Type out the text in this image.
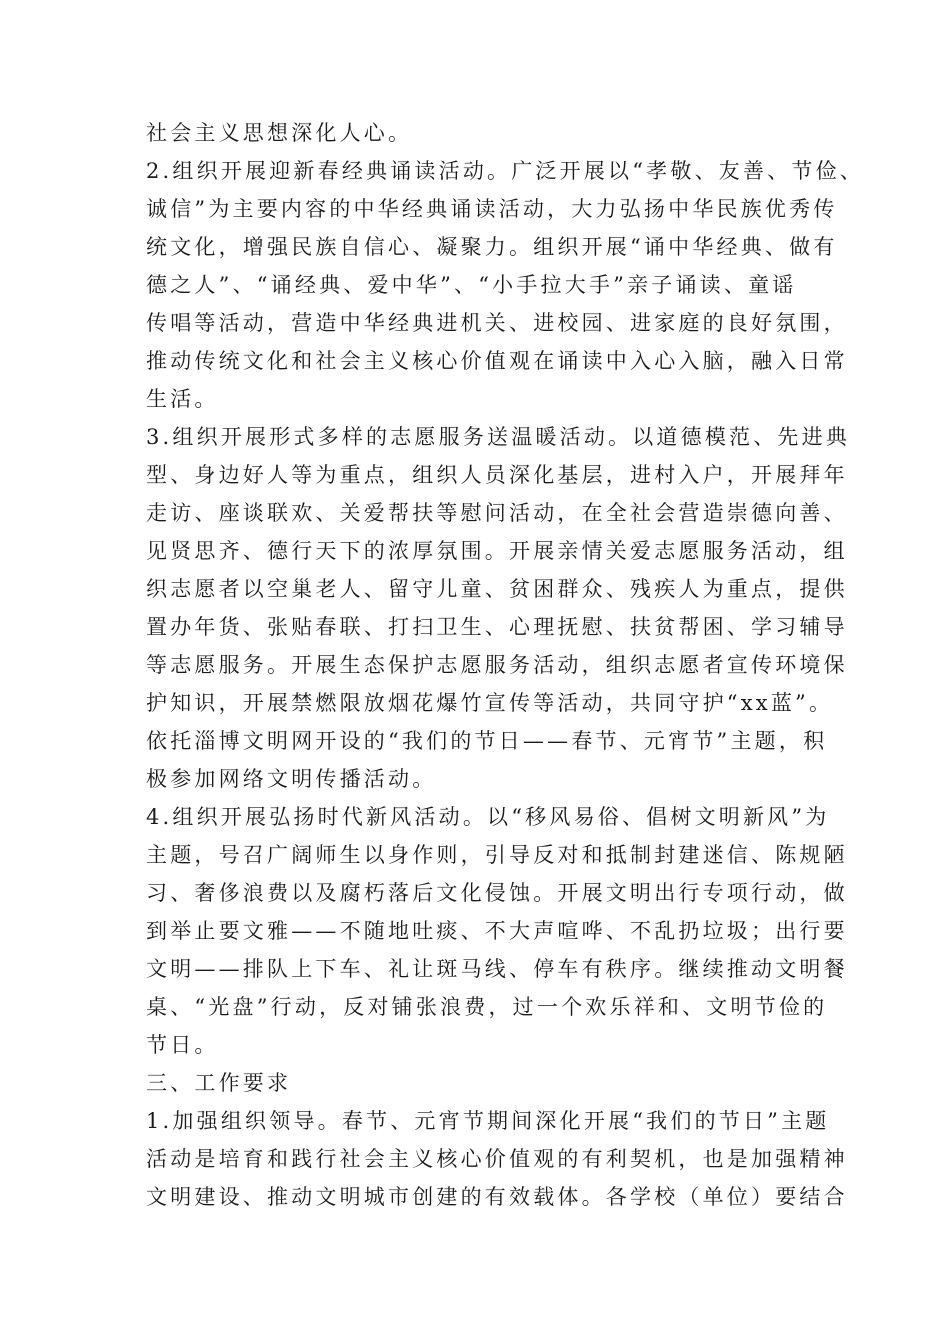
社会主义思想深化人心。
2.组织开展迎新春经典诵读活动。广泛开展以“孝敬、友善、节俭、
诚信”为主要内容的中华经典诵读活动，大力弘扬中华民族优秀传
统文化，增强民族自信心、凝聚力。组织开展“诵中华经典、做有
德之人”、“诵经典、爱中华”、“小手拉大手”亲子诵读、童谣
传唱等活动，营造中华经典进机关、进校园、进家庭的良好氛围，
推动传统文化和社会主义核心价值观在诵读中入心入脑，融入日常
生活。
3.组织开展形式多样的志愿服务送温暖活动。以道德模范、先进典
型、身边好人等为重点，组织人员深化基层，进村入户，开展拜年
走访、座谈联欢、关爱帮扶等慰问活动，在全社会营造崇德向善、
见贤思齐、德行天下的浓厚氛围。开展亲情关爱志愿服务活动，组
织志愿者以空巢老人、留守儿童、贫困群众、残疾人为重点，提供
置办年货、张贴春联、打扫卫生、心理抚慰、扶贫帮困、学习辅导
等志愿服务。开展生态保护志愿服务活动，组织志愿者宣传环境保
护知识，开展禁燃限放烟花爆竹宣传等活动，共同守护“xx蓝”。
依托淄博文明网开设的“我们的节日——春节、元宵节”主题，积
极参加网络文明传播活动。
4.组织开展弘扬时代新风活动。以“移风易俗、倡树文明新风”为
主题，号召广阔师生以身作则，引导反对和抵制封建迷信、陈规陋
习、奢侈浪费以及腐朽落后文化侵蚀。开展文明出行专项行动，做
到举止要文雅——不随地吐痰、不大声喧哗、不乱扔垃圾；出行要
文明——排队上下车、礼让斑马线、停车有秩序。继续推动文明餐
桌、“光盘”行动，反对铺张浪费，过一个欢乐祥和、文明节俭的
节日。
三、工作要求
1.加强组织领导。春节、元宵节期间深化开展“我们的节日”主题
活动是培育和践行社会主义核心价值观的有利契机，也是加强精神
文明建设、推动文明城市创建的有效载体。各学校（单位）要结合
